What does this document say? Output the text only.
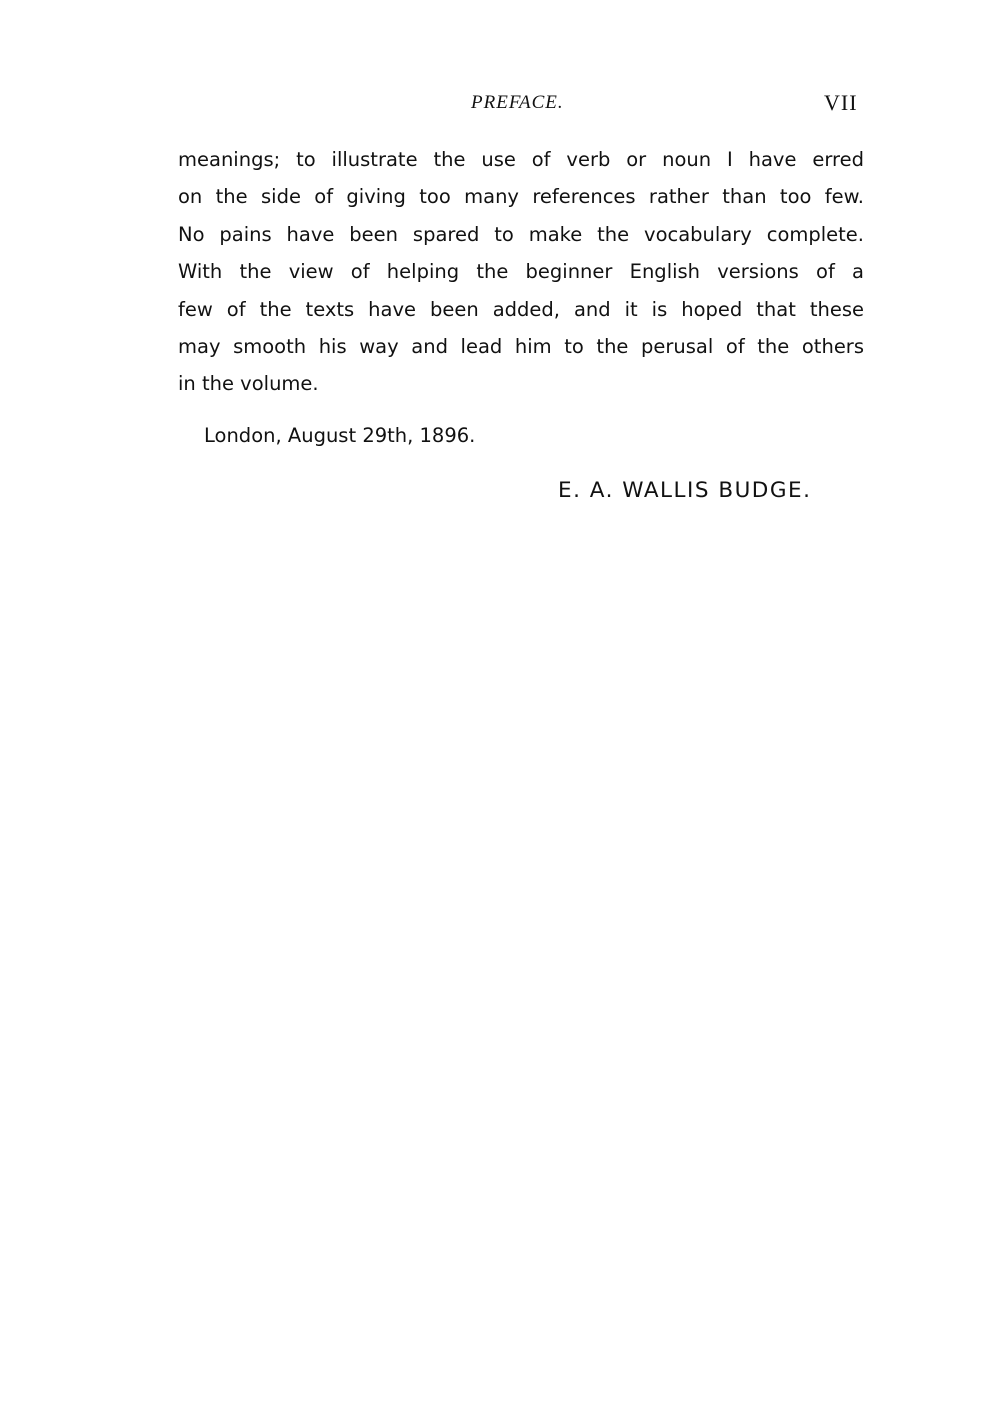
PREFACE.	VII
meanings; to illustrate the use of verb or noun I have erred
on the side of giving too many references rather than too few.
No pains have been spared to make the vocabulary complete.
With the view of helping the beginner English versions of a
few of the texts have been added, and it is hoped that these
may smooth his way and lead him to the perusal of the others
in the volume.
London, August 29th, 1896.
E. A. WALLIS BUDGE.
